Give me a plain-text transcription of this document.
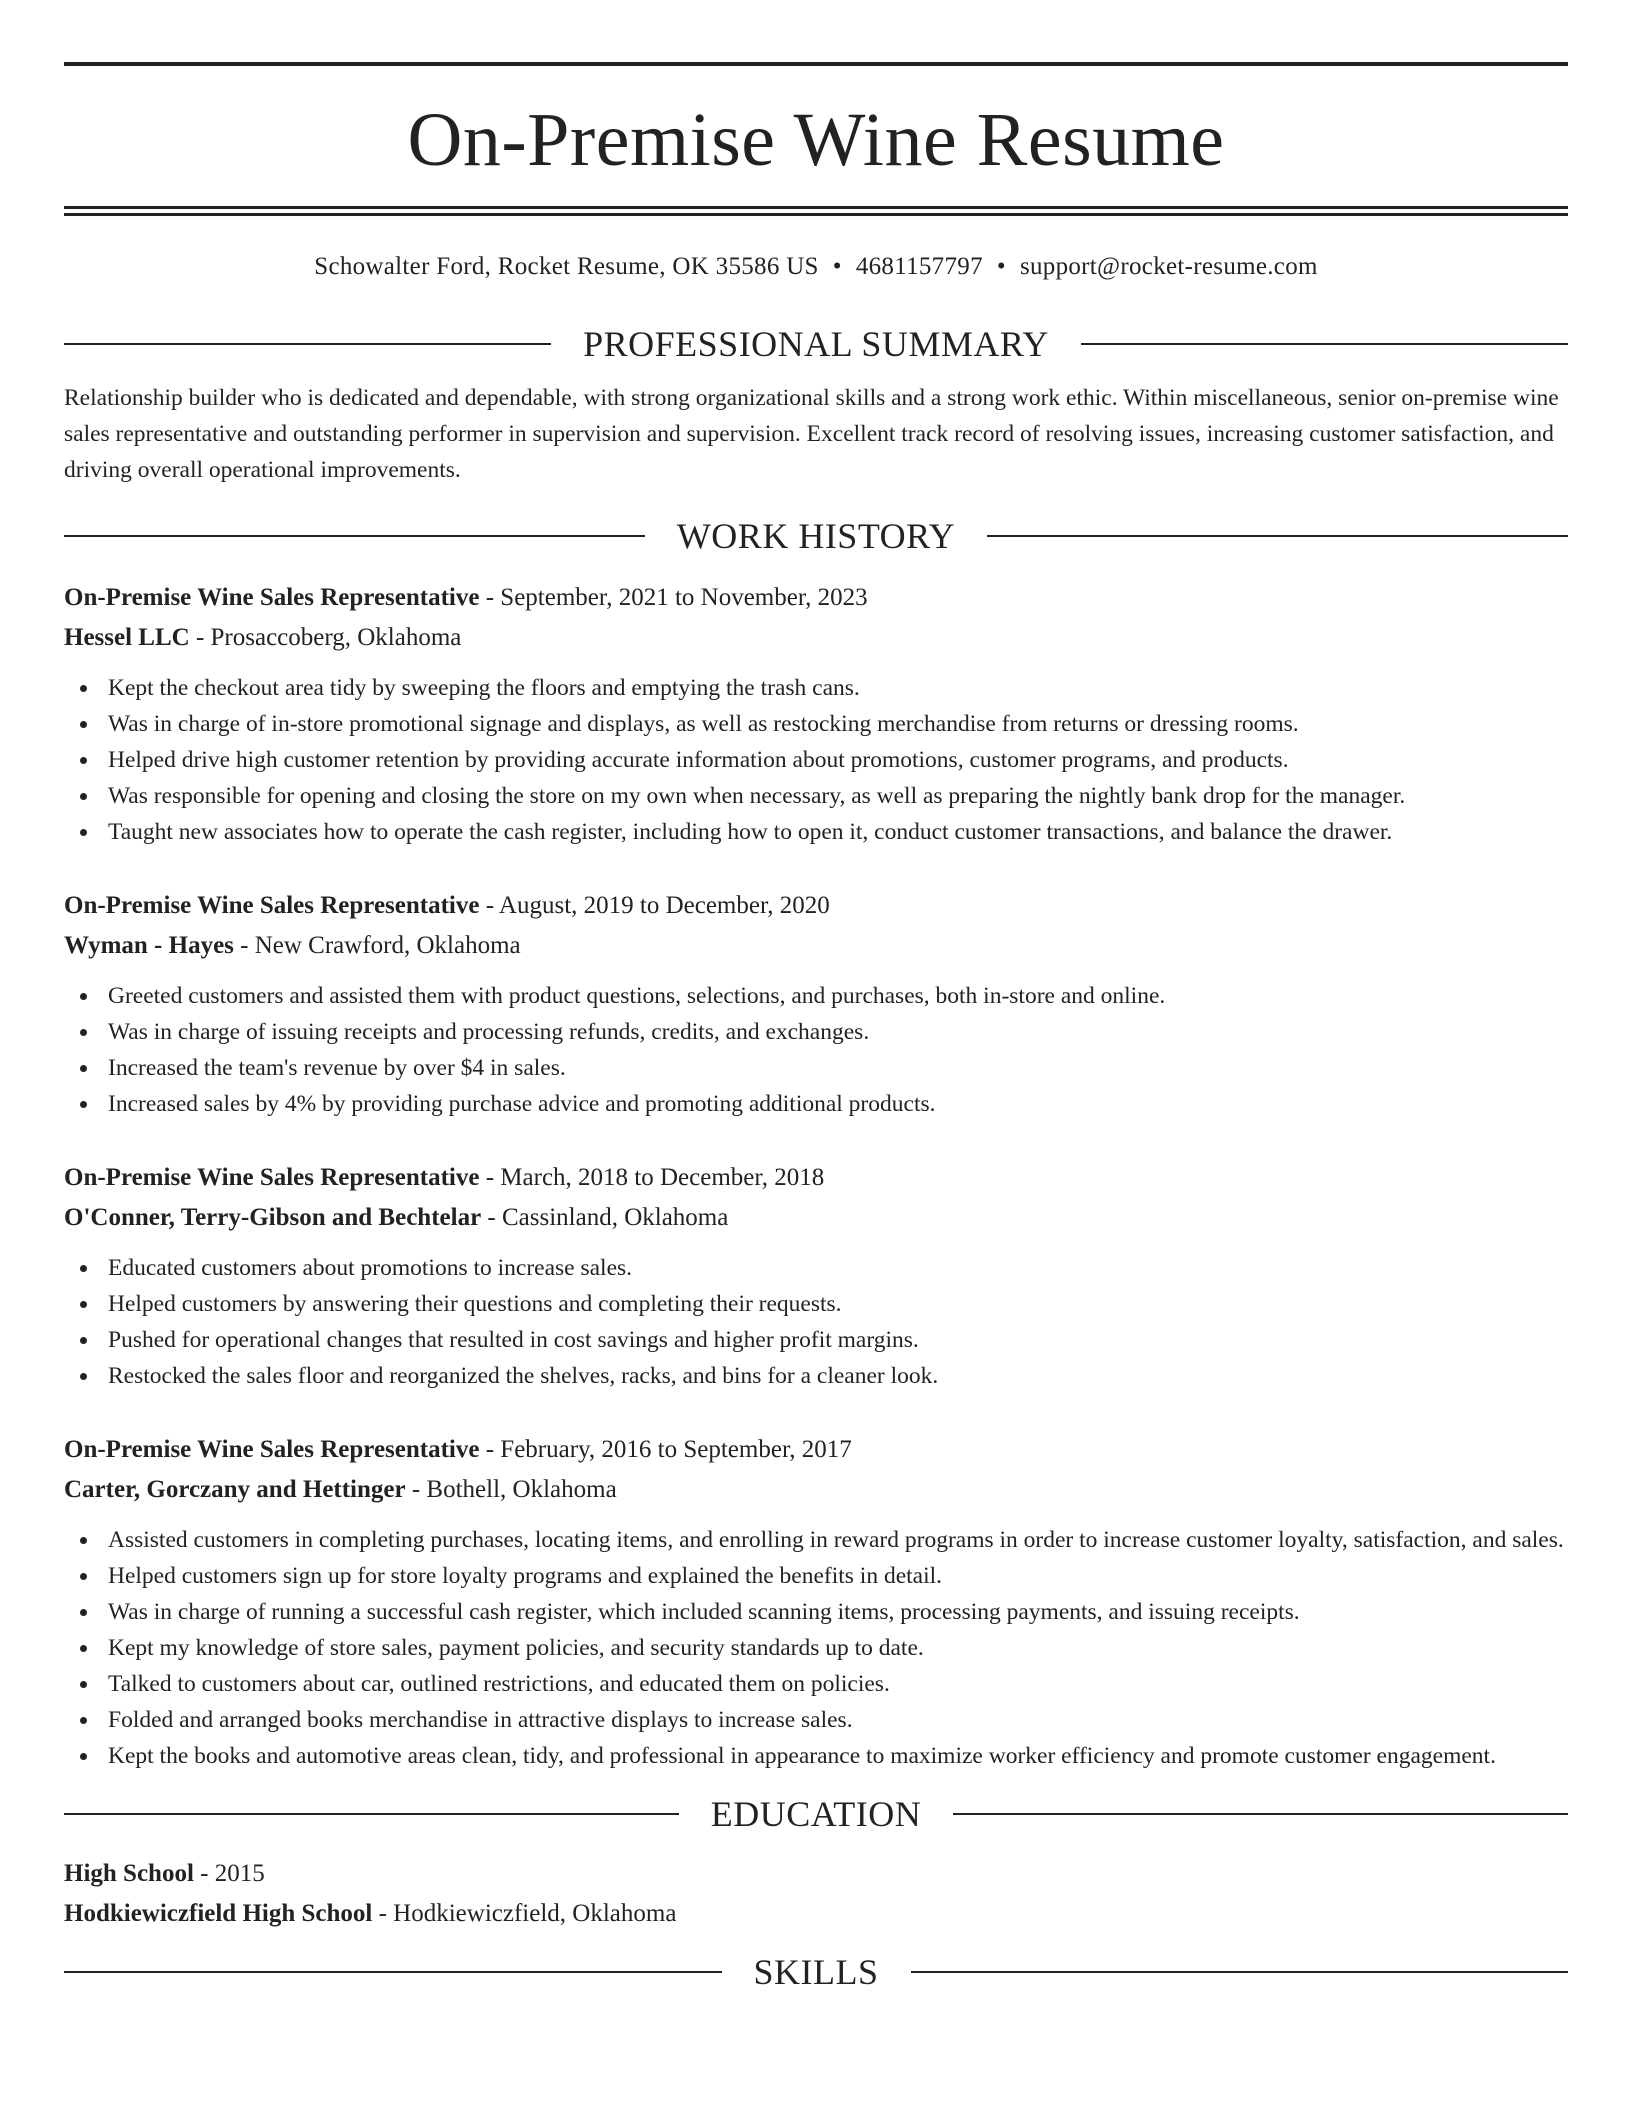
On-Premise Wine Resume
Schowalter Ford, Rocket Resume, OK 35586 US • 4681157797 • support@rocket-resume.com
PROFESSIONAL SUMMARY

Relationship builder who is dedicated and dependable, with strong organizational skills and a strong work ethic. Within miscellaneous, senior on-premise wine sales representative and outstanding performer in supervision and supervision. Excellent track record of resolving issues, increasing customer satisfaction, and driving overall operational improvements.

WORK HISTORY
On-Premise Wine Sales Representative - September, 2021 to November, 2023
Hessel LLC - Prosaccoberg, Oklahoma
Kept the checkout area tidy by sweeping the floors and emptying the trash cans.
Was in charge of in-store promotional signage and displays, as well as restocking merchandise from returns or dressing rooms.
Helped drive high customer retention by providing accurate information about promotions, customer programs, and products.
Was responsible for opening and closing the store on my own when necessary, as well as preparing the nightly bank drop for the manager.
Taught new associates how to operate the cash register, including how to open it, conduct customer transactions, and balance the drawer.
On-Premise Wine Sales Representative - August, 2019 to December, 2020
Wyman - Hayes - New Crawford, Oklahoma
Greeted customers and assisted them with product questions, selections, and purchases, both in-store and online.
Was in charge of issuing receipts and processing refunds, credits, and exchanges.
Increased the team's revenue by over $4 in sales.
Increased sales by 4% by providing purchase advice and promoting additional products.
On-Premise Wine Sales Representative - March, 2018 to December, 2018
O'Conner, Terry-Gibson and Bechtelar - Cassinland, Oklahoma
Educated customers about promotions to increase sales.
Helped customers by answering their questions and completing their requests.
Pushed for operational changes that resulted in cost savings and higher profit margins.
Restocked the sales floor and reorganized the shelves, racks, and bins for a cleaner look.
On-Premise Wine Sales Representative - February, 2016 to September, 2017
Carter, Gorczany and Hettinger - Bothell, Oklahoma
Assisted customers in completing purchases, locating items, and enrolling in reward programs in order to increase customer loyalty, satisfaction, and sales.
Helped customers sign up for store loyalty programs and explained the benefits in detail.
Was in charge of running a successful cash register, which included scanning items, processing payments, and issuing receipts.
Kept my knowledge of store sales, payment policies, and security standards up to date.
Talked to customers about car, outlined restrictions, and educated them on policies.
Folded and arranged books merchandise in attractive displays to increase sales.
Kept the books and automotive areas clean, tidy, and professional in appearance to maximize worker efficiency and promote customer engagement.
EDUCATION
High School - 2015
Hodkiewiczfield High School - Hodkiewiczfield, Oklahoma
SKILLS
